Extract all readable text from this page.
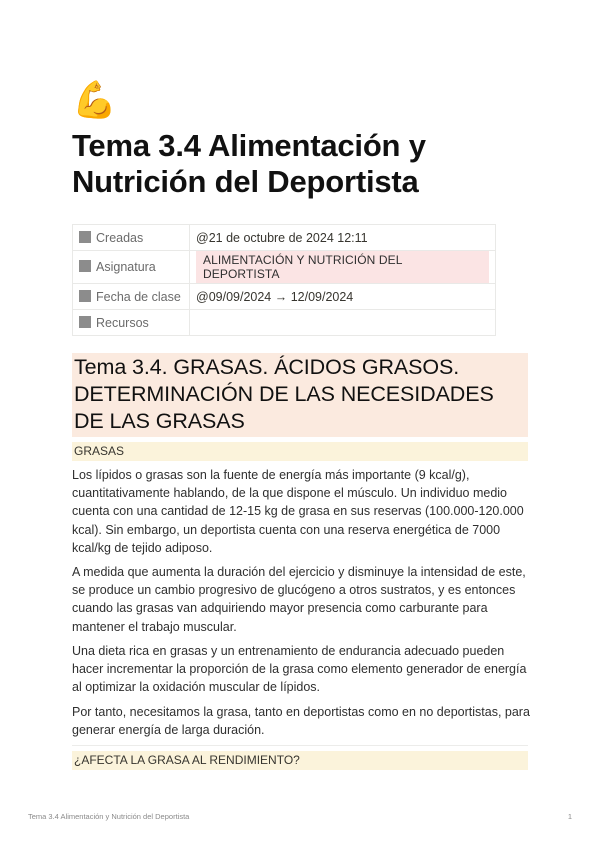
💪
Tema 3.4 Alimentación y Nutrición del Deportista
Creadas	@21 de octubre de 2024 12:11
Asignatura	ALIMENTACIÓN Y NUTRICIÓN DEL DEPORTISTA
Fecha de clase	@09/09/2024 → 12/09/2024
Recursos	
Tema 3.4. GRASAS. ÁCIDOS GRASOS. DETERMINACIÓN DE LAS NECESIDADES DE LAS GRASAS
GRASAS
Los lípidos o grasas son la fuente de energía más importante (9 kcal/g), cuantitativamente hablando, de la que dispone el músculo. Un individuo medio cuenta con una cantidad de 12-15 kg de grasa en sus reservas (100.000-120.000 kcal). Sin embargo, un deportista cuenta con una reserva energética de 7000 kcal/kg de tejido adiposo.
A medida que aumenta la duración del ejercicio y disminuye la intensidad de este, se produce un cambio progresivo de glucógeno a otros sustratos, y es entonces cuando las grasas van adquiriendo mayor presencia como carburante para mantener el trabajo muscular.
Una dieta rica en grasas y un entrenamiento de endurancia adecuado pueden hacer incrementar la proporción de la grasa como elemento generador de energía al optimizar la oxidación muscular de lípidos.
Por tanto, necesitamos la grasa, tanto en deportistas como en no deportistas, para generar energía de larga duración.
¿AFECTA LA GRASA AL RENDIMIENTO?
Tema 3.4 Alimentación y Nutrición del Deportista	1
